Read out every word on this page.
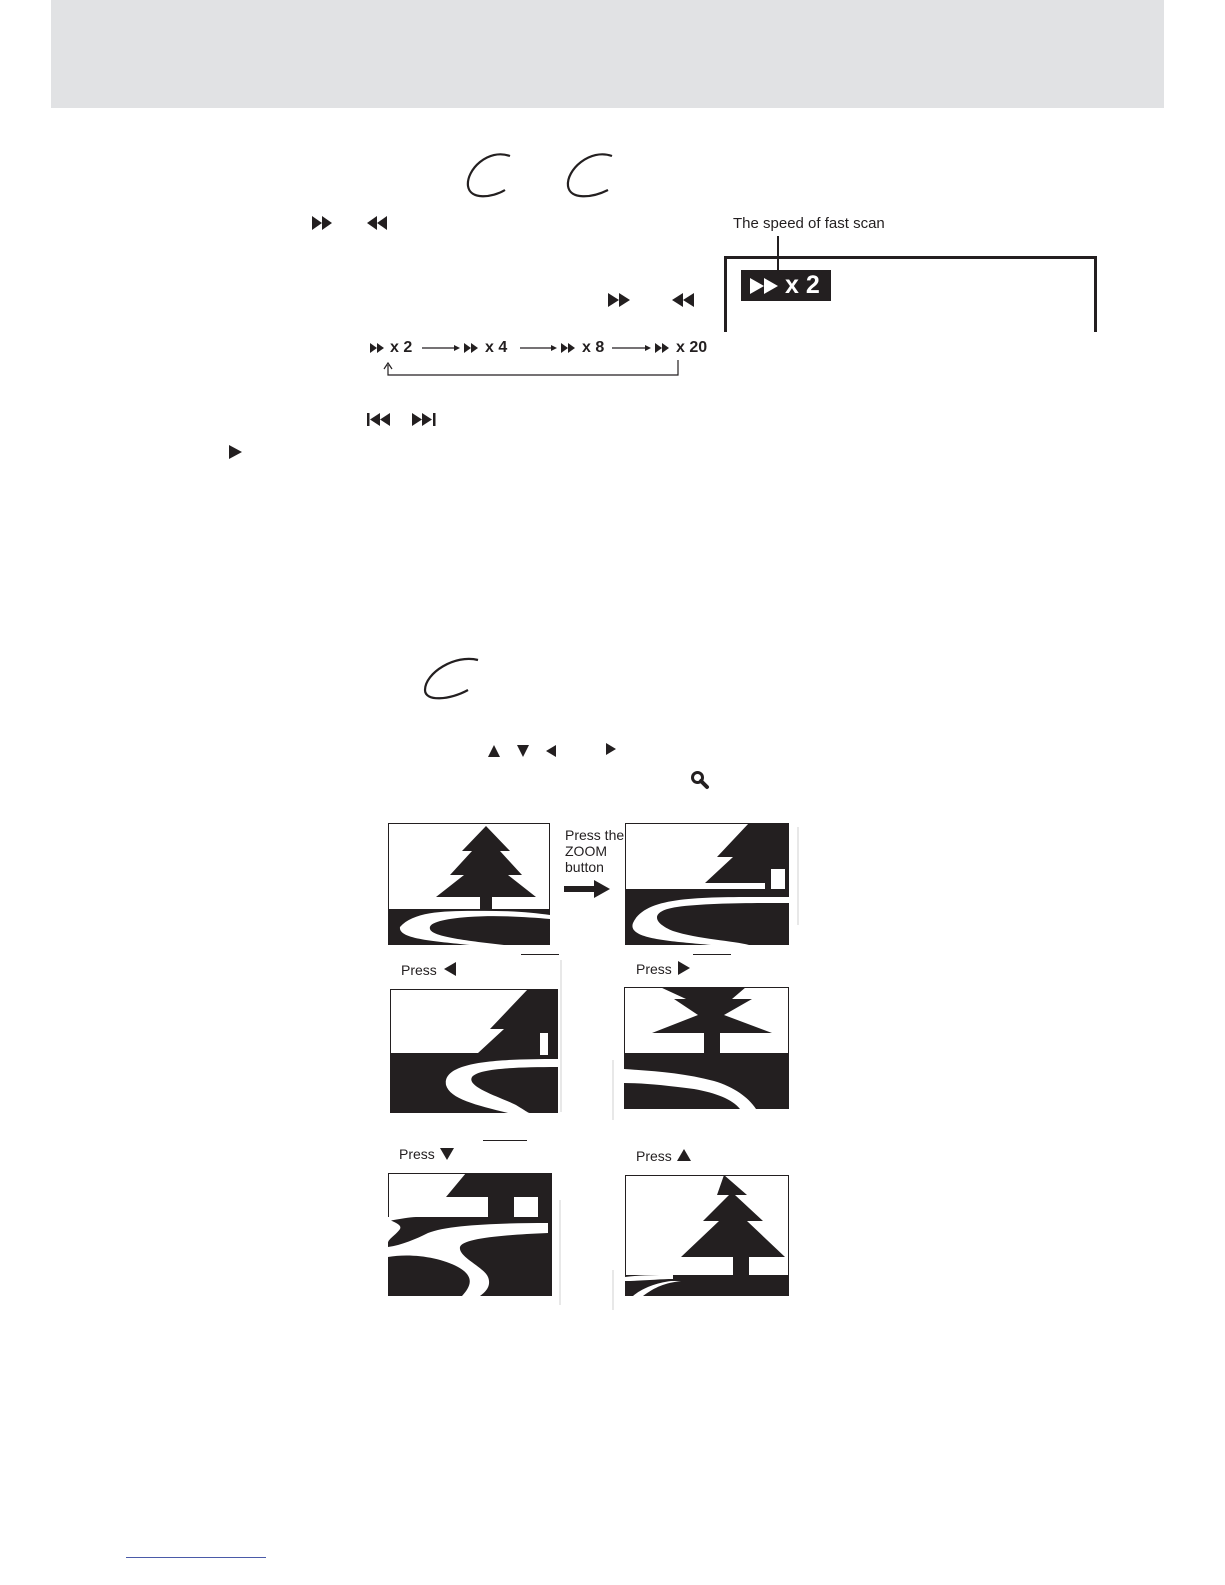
The speed of fast scan
x 2
x 2	x 4	x 8	x 20
Press the
ZOOM
button
Press	Press
Press	Press
